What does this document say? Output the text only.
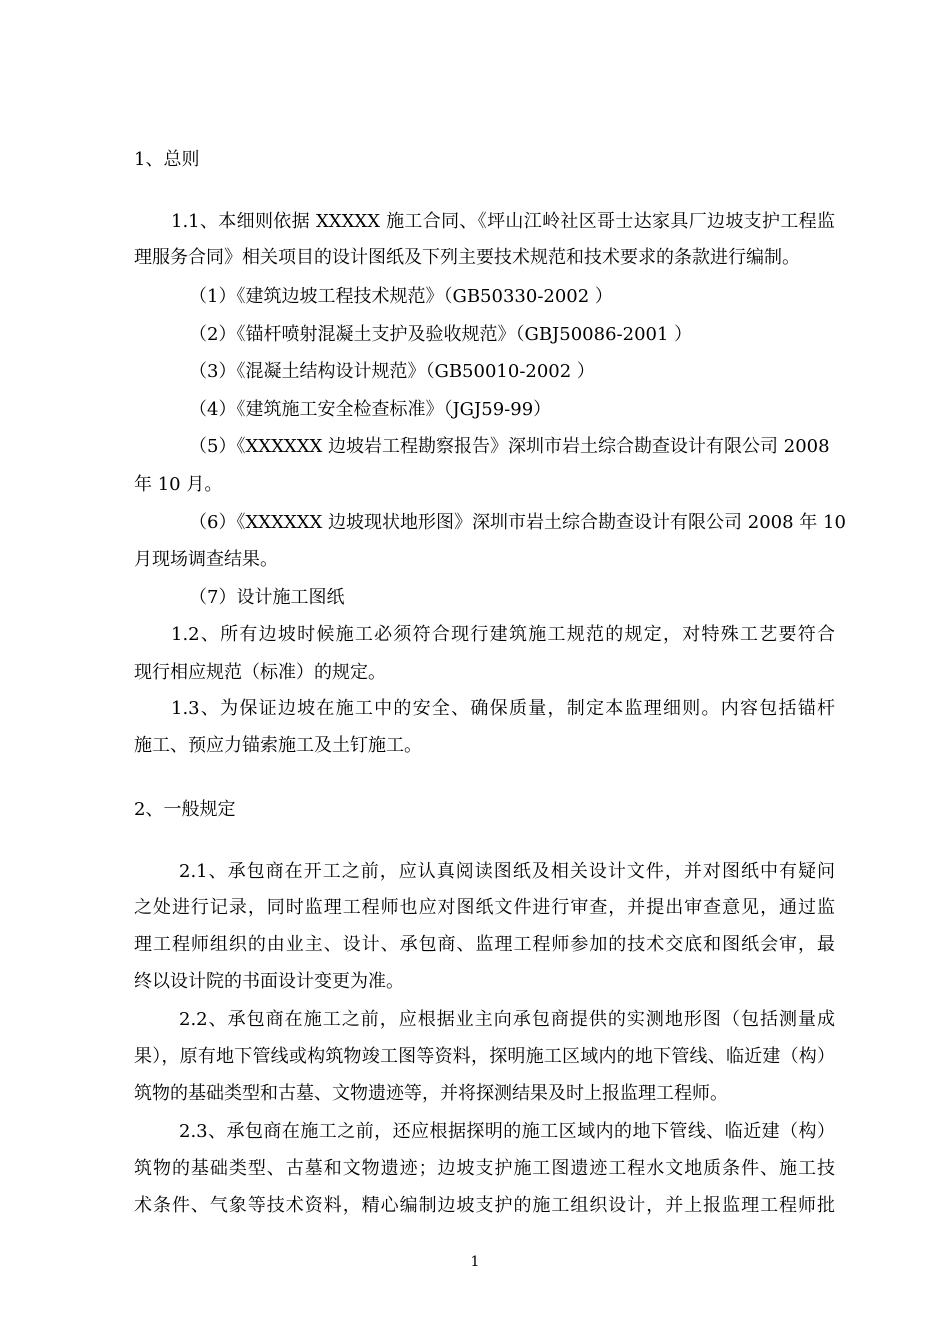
1、总则

1.1、本细则依据 XXXXX 施工合同、《坪山江岭社区哥士达家具厂边坡支护工程监

理服务合同》相关项目的设计图纸及下列主要技术规范和技术要求的条款进行编制。

（1）《建筑边坡工程技术规范》（GB50330-2002 ）

（2）《锚杆喷射混凝土支护及验收规范》（GBJ50086-2001 ）

（3）《混凝土结构设计规范》（GB50010-2002 ）

（4）《建筑施工安全检查标准》（JGJ59-99）

（5）《XXXXXX 边坡岩工程勘察报告》深圳市岩土综合勘查设计有限公司 2008

年 10 月。

（6）《XXXXXX 边坡现状地形图》深圳市岩土综合勘查设计有限公司 2008 年 10

月现场调查结果。

（7）设计施工图纸

1.2、所有边坡时候施工必须符合现行建筑施工规范的规定，对特殊工艺要符合

现行相应规范（标准）的规定。

1.3、为保证边坡在施工中的安全、确保质量，制定本监理细则。内容包括锚杆

施工、预应力锚索施工及土钉施工。

2、一般规定

2.1、承包商在开工之前，应认真阅读图纸及相关设计文件，并对图纸中有疑问

之处进行记录，同时监理工程师也应对图纸文件进行审查，并提出审查意见，通过监

理工程师组织的由业主、设计、承包商、监理工程师参加的技术交底和图纸会审，最

终以设计院的书面设计变更为准。

2.2、承包商在施工之前，应根据业主向承包商提供的实测地形图（包括测量成

果），原有地下管线或构筑物竣工图等资料，探明施工区域内的地下管线、临近建（构）

筑物的基础类型和古墓、文物遗迹等，并将探测结果及时上报监理工程师。

2.3、承包商在施工之前，还应根据探明的施工区域内的地下管线、临近建（构）

筑物的基础类型、古墓和文物遗迹；边坡支护施工图遗迹工程水文地质条件、施工技

术条件、气象等技术资料，精心编制边坡支护的施工组织设计，并上报监理工程师批

1
